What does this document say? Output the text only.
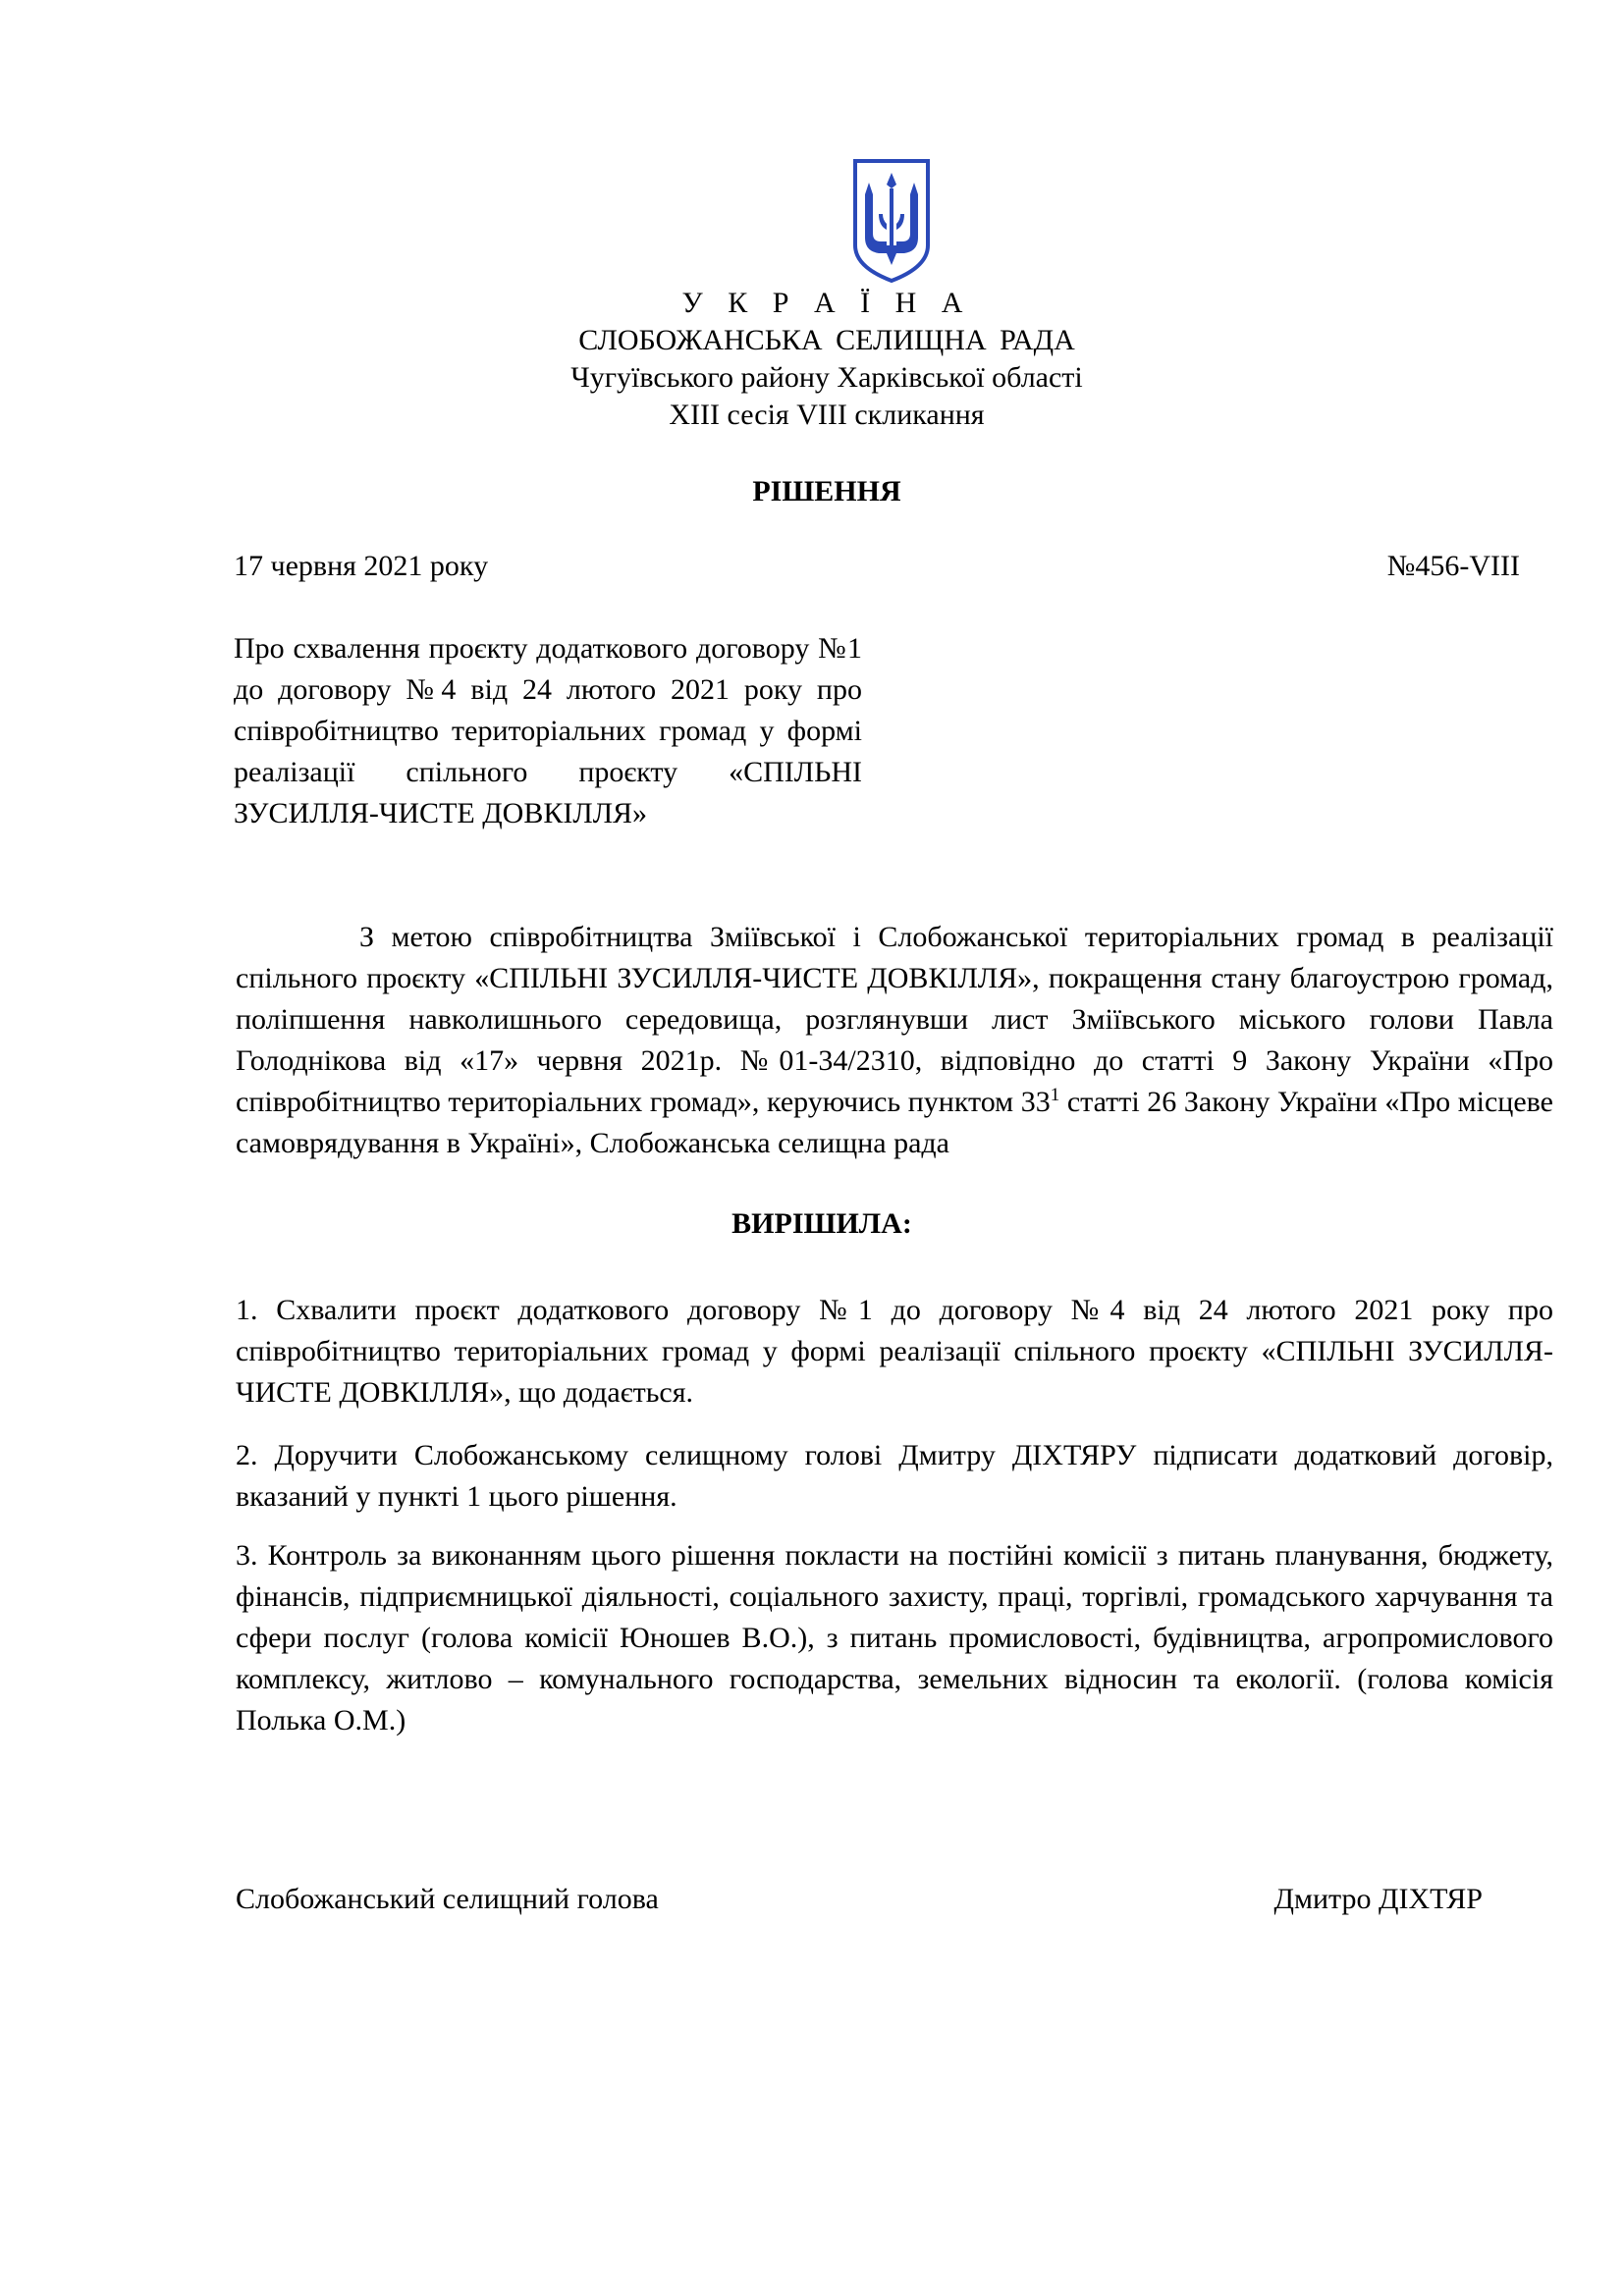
У К Р А Ї Н А
СЛОБОЖАНСЬКА СЕЛИЩНА РАДА
Чугуївського району Харківської області
XIII сесія VIII скликання
РІШЕННЯ
17 червня 2021 року	№456-VIII

Про схвалення проєкту додаткового договору №1 до договору №4 від 24 лютого 2021 року про співробітництво територіальних громад у формі реалізації спільного проєкту «СПІЛЬНІ ЗУСИЛЛЯ-ЧИСТЕ ДОВКІЛЛЯ»

З метою співробітництва Зміївської і Слобожанської територіальних громад в реалізації спільного проєкту «СПІЛЬНІ ЗУСИЛЛЯ-ЧИСТЕ ДОВКІЛЛЯ», покращення стану благоустрою громад, поліпшення навколишнього середовища, розглянувши лист Зміївського міського голови Павла Голоднікова від «17» червня 2021р. №01-34/2310, відповідно до статті 9 Закону України «Про співробітництво територіальних громад», керуючись пунктом $33^1$ статті 26 Закону України «Про місцеве самоврядування в Україні», Слобожанська селищна рада

ВИРІШИЛА:

1. Схвалити проєкт додаткового договору №1 до договору №4 від 24 лютого 2021 року про співробітництво територіальних громад у формі реалізації спільного проєкту «СПІЛЬНІ ЗУСИЛЛЯ-ЧИСТЕ ДОВКІЛЛЯ», що додається.

2. Доручити Слобожанському селищному голові Дмитру ДІХТЯРУ підписати додатковий договір, вказаний у пункті 1 цього рішення.

3. Контроль за виконанням цього рішення покласти на постійні комісії з питань планування, бюджету, фінансів, підприємницької діяльності, соціального захисту, праці, торгівлі, громадського харчування та сфери послуг (голова комісії Юношев В.О.), з питань промисловості, будівництва, агропромислового комплексу, житлово – комунального господарства, земельних відносин та екології. (голова комісія Полька О.М.)

Слобожанський селищний голова	Дмитро ДІХТЯР
